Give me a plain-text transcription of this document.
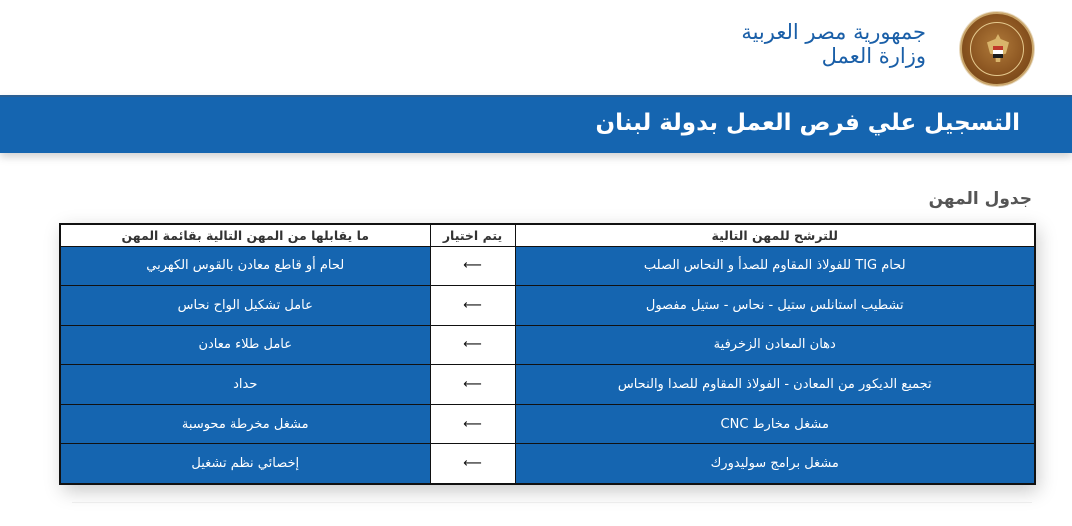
جمهورية مصر العربية
وزارة العمل
التسجيل علي فرص العمل بدولة لبنان
جدول المهن
للترشح للمهن التالية	يتم اختيار	ما يقابلها من المهن التالية بقائمة المهن
لحام TIG للفولاذ المقاوم للصدأ و النحاس الصلب	⟵	لحام أو قاطع معادن بالقوس الكهربي
تشطيب استانلس ستيل - نحاس - ستيل مفصول	⟵	عامل تشكيل الواح نحاس
دهان المعادن الزخرفية	⟵	عامل طلاء معادن
تجميع الديكور من المعادن - الفولاذ المقاوم للصدا والنحاس	⟵	حداد
مشغل مخارط CNC	⟵	مشغل مخرطة محوسبة
مشغل برامج سوليدورك	⟵	إخصائي نظم تشغيل
